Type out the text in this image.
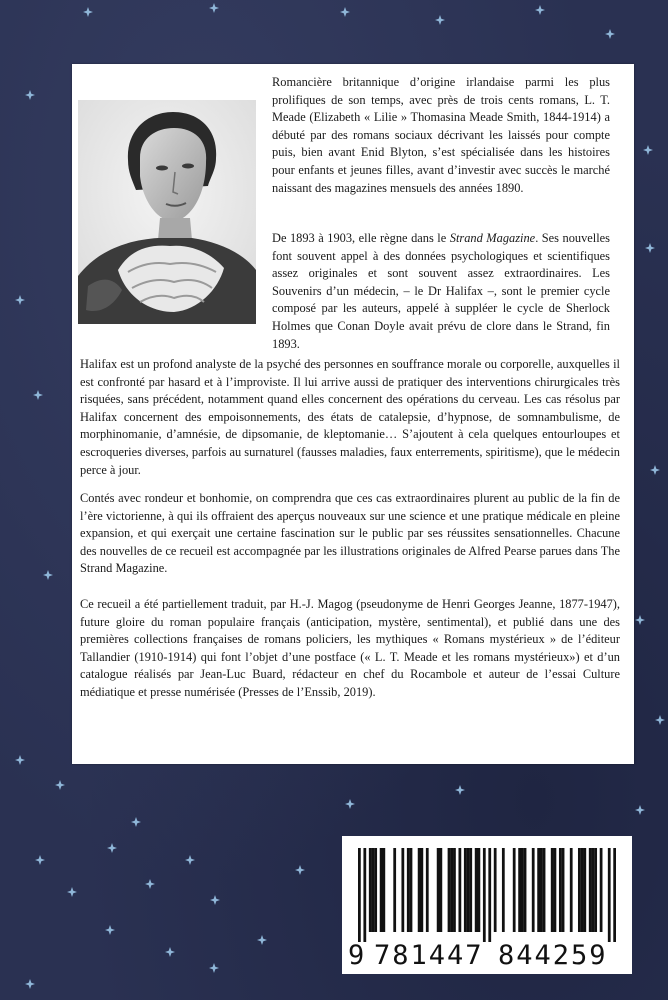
Romancière britannique d’origine irlandaise parmi les plus prolifiques de son temps, avec près de trois cents romans, L. T. Meade (Elizabeth « Lilie » Thomasina Meade Smith, 1844-1914) a débuté par des romans sociaux décrivant les laissés pour compte puis, bien avant Enid Blyton, s’est spécialisée dans les histoires pour enfants et jeunes filles, avant d’investir avec succès le marché naissant des magazines mensuels des années 1890.

De 1893 à 1903, elle règne dans le Strand Magazine. Ses nouvelles font souvent appel à des données psychologiques et scientifiques assez originales et sont souvent assez extraordinaires. Les Souvenirs d’un médecin, – le Dr Halifax –, sont le premier cycle composé par les auteurs, appelé à suppléer le cycle de Sherlock Holmes que Conan Doyle avait prévu de clore dans le Strand, fin 1893.

Halifax est un profond analyste de la psyché des personnes en souffrance morale ou corporelle, auxquelles il est confronté par hasard et à l’improviste. Il lui arrive aussi de pratiquer des interventions chirurgicales très risquées, sans précédent, notamment quand elles concernent des opérations du cerveau. Les cas résolus par Halifax concernent des empoisonnements, des états de catalepsie, d’hypnose, de somnambulisme, de morphinomanie, d’amnésie, de dipsomanie, de kleptomanie… S’ajoutent à cela quelques entourloupes et escroqueries diverses, parfois au surnaturel (fausses maladies, faux enterrements, spiritisme), que le médecin perce à jour.

Contés avec rondeur et bonhomie, on comprendra que ces cas extraordinaires plurent au public de la fin de l’ère victorienne, à qui ils offraient des aperçus nouveaux sur une science et une pratique médicale en pleine expansion, et qui exerçait une certaine fascination sur le public par ses réussites sensationnelles. Chacune des nouvelles de ce recueil est accompagnée par les illustrations originales de Alfred Pearse parues dans The Strand Magazine.

Ce recueil a été partiellement traduit, par H.-J. Magog (pseudonyme de Henri Georges Jeanne, 1877-1947), future gloire du roman populaire français (anticipation, mystère, sentimental), et publié dans une des premières collections françaises de romans policiers, les mythiques « Romans mystérieux » de l’éditeur Tallandier (1910-1914) qui font l’objet d’une postface (« L. T. Meade et les romans mystérieux») et d’un catalogue réalisés par Jean-Luc Buard, rédacteur en chef du Rocambole et auteur de l’essai Culture médiatique et presse numérisée (Presses de l’Enssib, 2019).

9 781447 844259
